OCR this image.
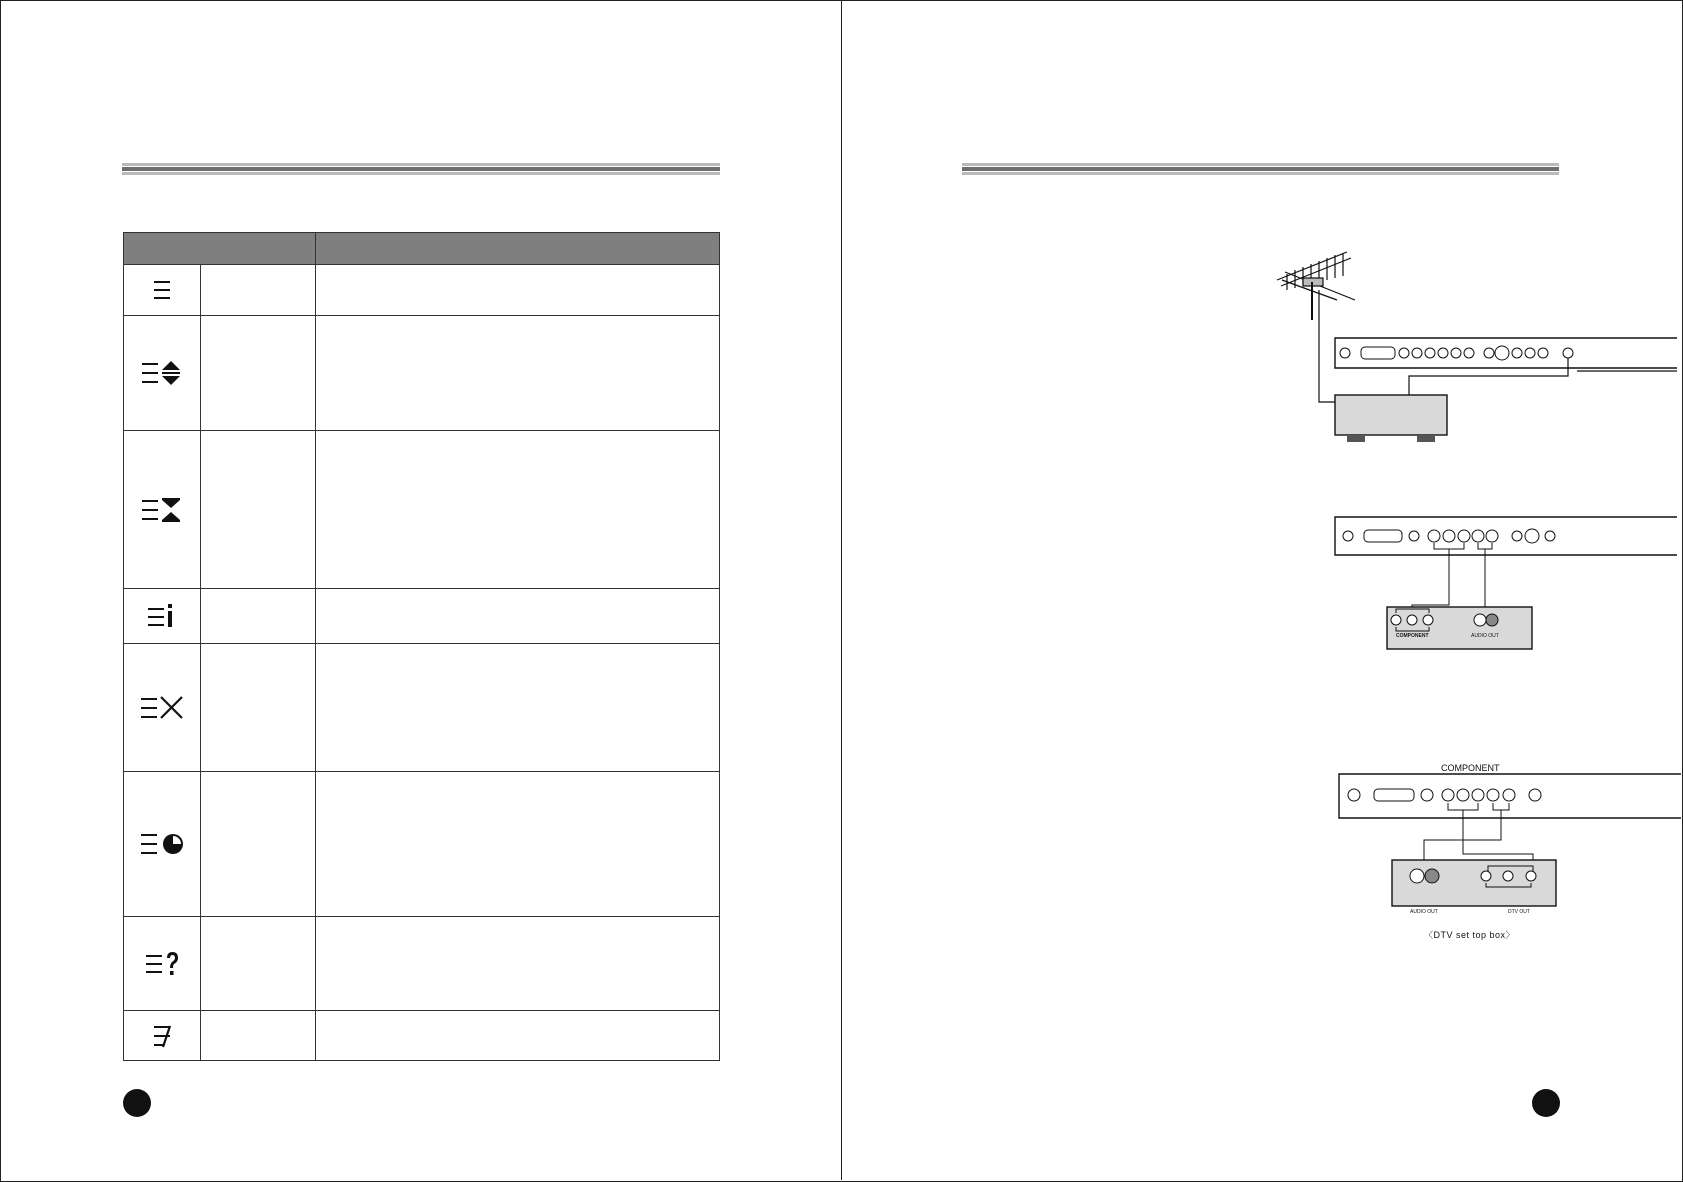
COMPONENT	AUDIO OUT
COMPONENT
AUDIO OUT	DTV OUT
〈DTV set top box〉
